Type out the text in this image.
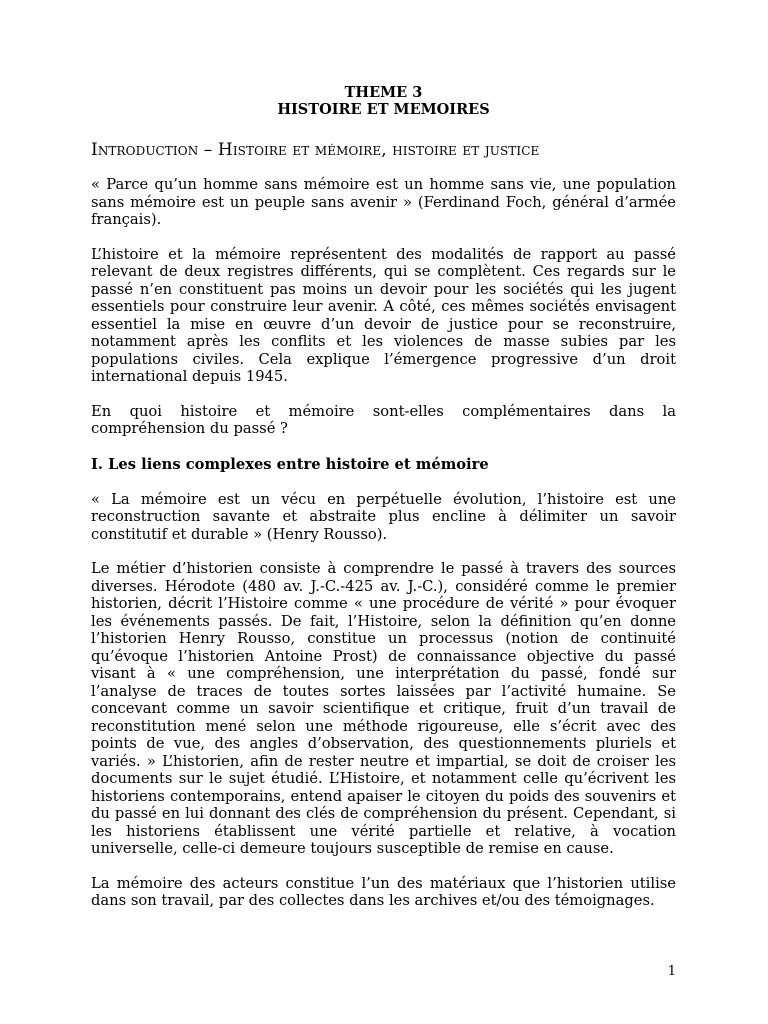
THEME 3
HISTOIRE ET MEMOIRES
Introduction – Histoire et mémoire, histoire et justice

« Parce qu’un homme sans mémoire est un homme sans vie, une population sans mémoire est un peuple sans avenir » (Ferdinand Foch, général d’armée français).

L’histoire et la mémoire représentent des modalités de rapport au passé relevant de deux registres différents, qui se complètent. Ces regards sur le passé n’en constituent pas moins un devoir pour les sociétés qui les jugent essentiels pour construire leur avenir. A côté, ces mêmes sociétés envisagent essentiel la mise en œuvre d’un devoir de justice pour se reconstruire, notamment après les conflits et les violences de masse subies par les populations civiles. Cela explique l’émergence progressive d’un droit international depuis 1945.

En quoi histoire et mémoire sont-elles complémentaires dans la compréhension du passé ?

I. Les liens complexes entre histoire et mémoire

« La mémoire est un vécu en perpétuelle évolution, l’histoire est une reconstruction savante et abstraite plus encline à délimiter un savoir constitutif et durable » (Henry Rousso).

Le métier d’historien consiste à comprendre le passé à travers des sources diverses. Hérodote (480 av. J.-C.-425 av. J.-C.), considéré comme le premier historien, décrit l’Histoire comme « une procédure de vérité » pour évoquer les événements passés. De fait, l’Histoire, selon la définition qu’en donne l’historien Henry Rousso, constitue un processus (notion de continuité qu’évoque l’historien Antoine Prost) de connaissance objective du passé visant à « une compréhension, une interprétation du passé, fondé sur l’analyse de traces de toutes sortes laissées par l’activité humaine. Se concevant comme un savoir scientifique et critique, fruit d’un travail de reconstitution mené selon une méthode rigoureuse, elle s’écrit avec des points de vue, des angles d’observation, des questionnements pluriels et variés. » L’historien, afin de rester neutre et impartial, se doit de croiser les documents sur le sujet étudié. L’Histoire, et notamment celle qu’écrivent les historiens contemporains, entend apaiser le citoyen du poids des souvenirs et du passé en lui donnant des clés de compréhension du présent. Cependant, si les historiens établissent une vérité partielle et relative, à vocation universelle, celle-ci demeure toujours susceptible de remise en cause.

La mémoire des acteurs constitue l’un des matériaux que l’historien utilise dans son travail, par des collectes dans les archives et/ou des témoignages.

1
